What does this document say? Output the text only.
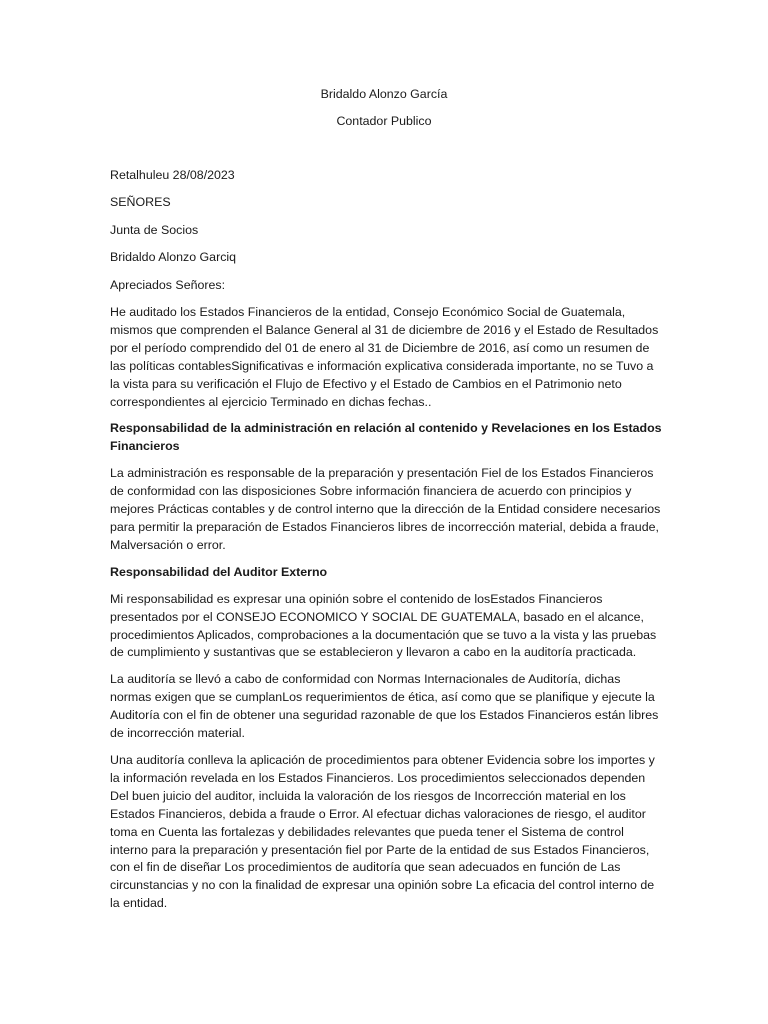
Bridaldo Alonzo García
Contador Publico
Retalhuleu 28/08/2023
SEÑORES
Junta de Socios
Bridaldo Alonzo Garciq
Apreciados Señores:

He auditado los Estados Financieros de la entidad, Consejo Económico Social de Guatemala, mismos que comprenden el Balance General al 31 de diciembre de 2016 y el Estado de Resultados por el período comprendido del 01 de enero al 31 de Diciembre de 2016, así como un resumen de las políticas contablesSignificativas e información explicativa considerada importante, no se Tuvo a la vista para su verificación el Flujo de Efectivo y el Estado de Cambios en el Patrimonio neto correspondientes al ejercicio Terminado en dichas fechas..

Responsabilidad de la administración en relación al contenido y Revelaciones en los Estados Financieros

La administración es responsable de la preparación y presentación Fiel de los Estados Financieros de conformidad con las disposiciones Sobre información financiera de acuerdo con principios y mejores Prácticas contables y de control interno que la dirección de la Entidad considere necesarios para permitir la preparación de Estados Financieros libres de incorrección material, debida a fraude, Malversación o error.

Responsabilidad del Auditor Externo

Mi responsabilidad es expresar una opinión sobre el contenido de losEstados Financieros presentados por el CONSEJO ECONOMICO Y SOCIAL DE GUATEMALA, basado en el alcance, procedimientos Aplicados, comprobaciones a la documentación que se tuvo a la vista y las pruebas de cumplimiento y sustantivas que se establecieron y llevaron a cabo en la auditoría practicada.

La auditoría se llevó a cabo de conformidad con Normas Internacionales de Auditoría, dichas normas exigen que se cumplanLos requerimientos de ética, así como que se planifique y ejecute la Auditoría con el fin de obtener una seguridad razonable de que los Estados Financieros están libres de incorrección material.

Una auditoría conlleva la aplicación de procedimientos para obtener Evidencia sobre los importes y la información revelada en los Estados Financieros. Los procedimientos seleccionados dependen Del buen juicio del auditor, incluida la valoración de los riesgos de Incorrección material en los Estados Financieros, debida a fraude o Error. Al efectuar dichas valoraciones de riesgo, el auditor toma en Cuenta las fortalezas y debilidades relevantes que pueda tener el Sistema de control interno para la preparación y presentación fiel por Parte de la entidad de sus Estados Financieros, con el fin de diseñar Los procedimientos de auditoría que sean adecuados en función de Las circunstancias y no con la finalidad de expresar una opinión sobre La eficacia del control interno de la entidad.
